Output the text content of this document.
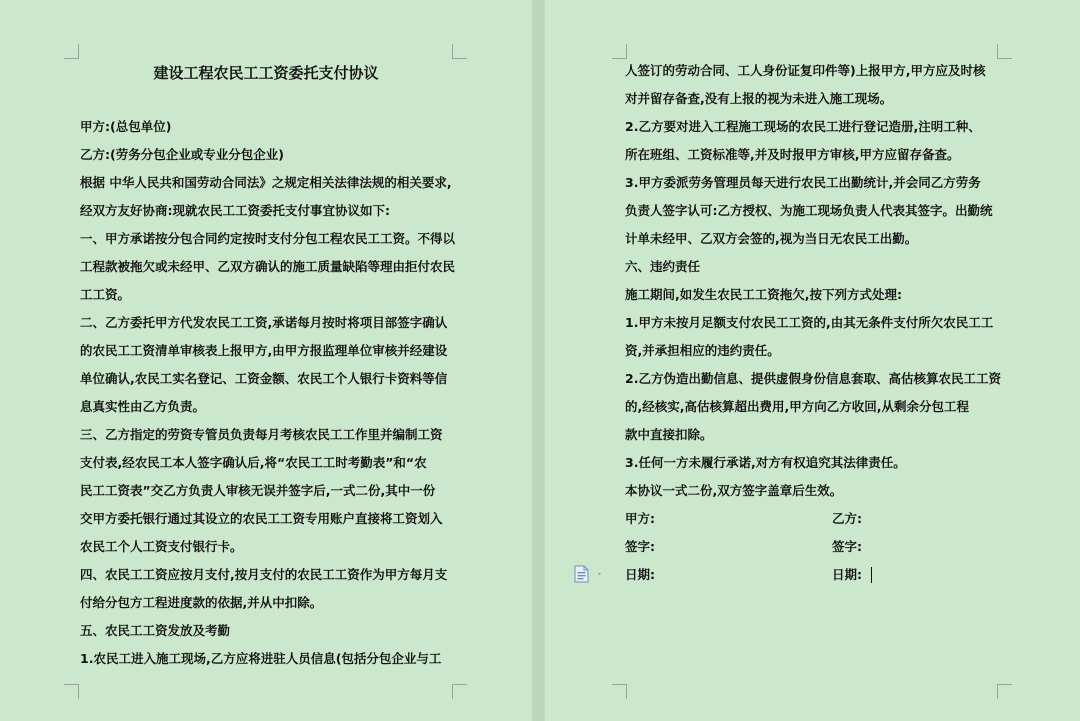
建设工程农民工工资委托支付协议
甲方:(总包单位)
乙方:(劳务分包企业或专业分包企业)
根据 中华人民共和国劳动合同法》之规定相关法律法规的相关要求,
经双方友好协商:现就农民工工资委托支付事宜协议如下:
一、甲方承诺按分包合同约定按时支付分包工程农民工工资。不得以
工程款被拖欠或未经甲、乙双方确认的施工质量缺陷等理由拒付农民
工工资。
二、乙方委托甲方代发农民工工资,承诺每月按时将项目部签字确认
的农民工工资清单审核表上报甲方,由甲方报监理单位审核并经建设
单位确认,农民工实名登记、工资金额、农民工个人银行卡资料等信
息真实性由乙方负责。
三、乙方指定的劳资专管员负责每月考核农民工工作里并编制工资
支付表,经农民工本人签字确认后,将“农民工工时考勤表”和“农
民工工资表”交乙方负责人审核无误并签字后,一式二份,其中一份
交甲方委托银行通过其设立的农民工工资专用账户直接将工资划入
农民工个人工资支付银行卡。
四、农民工工资应按月支付,按月支付的农民工工资作为甲方每月支
付给分包方工程进度款的依据,并从中扣除。
五、农民工工资发放及考勤
1.农民工进入施工现场,乙方应将进驻人员信息(包括分包企业与工
人签订的劳动合同、工人身份证复印件等)上报甲方,甲方应及时核
对并留存备查,没有上报的视为未进入施工现场。
2.乙方要对进入工程施工现场的农民工进行登记造册,注明工种、
所在班组、工资标准等,并及时报甲方审核,甲方应留存备查。
3.甲方委派劳务管理员每天进行农民工出勤统计,并会同乙方劳务
负责人签字认可:乙方授权、为施工现场负责人代表其签字。出勤统
计单未经甲、乙双方会签的,视为当日无农民工出勤。
六、违约责任
施工期间,如发生农民工工资拖欠,按下列方式处理:
1.甲方未按月足额支付农民工工资的,由其无条件支付所欠农民工工
资,并承担相应的违约责任。
2.乙方伪造出勤信息、提供虚假身份信息套取、高估核算农民工工资
的,经核实,高估核算超出费用,甲方向乙方收回,从剩余分包工程
款中直接扣除。
3.任何一方未履行承诺,对方有权追究其法律责任。
本协议一式二份,双方签字盖章后生效。
甲方:	乙方:
签字:	签字:
日期:	日期:
